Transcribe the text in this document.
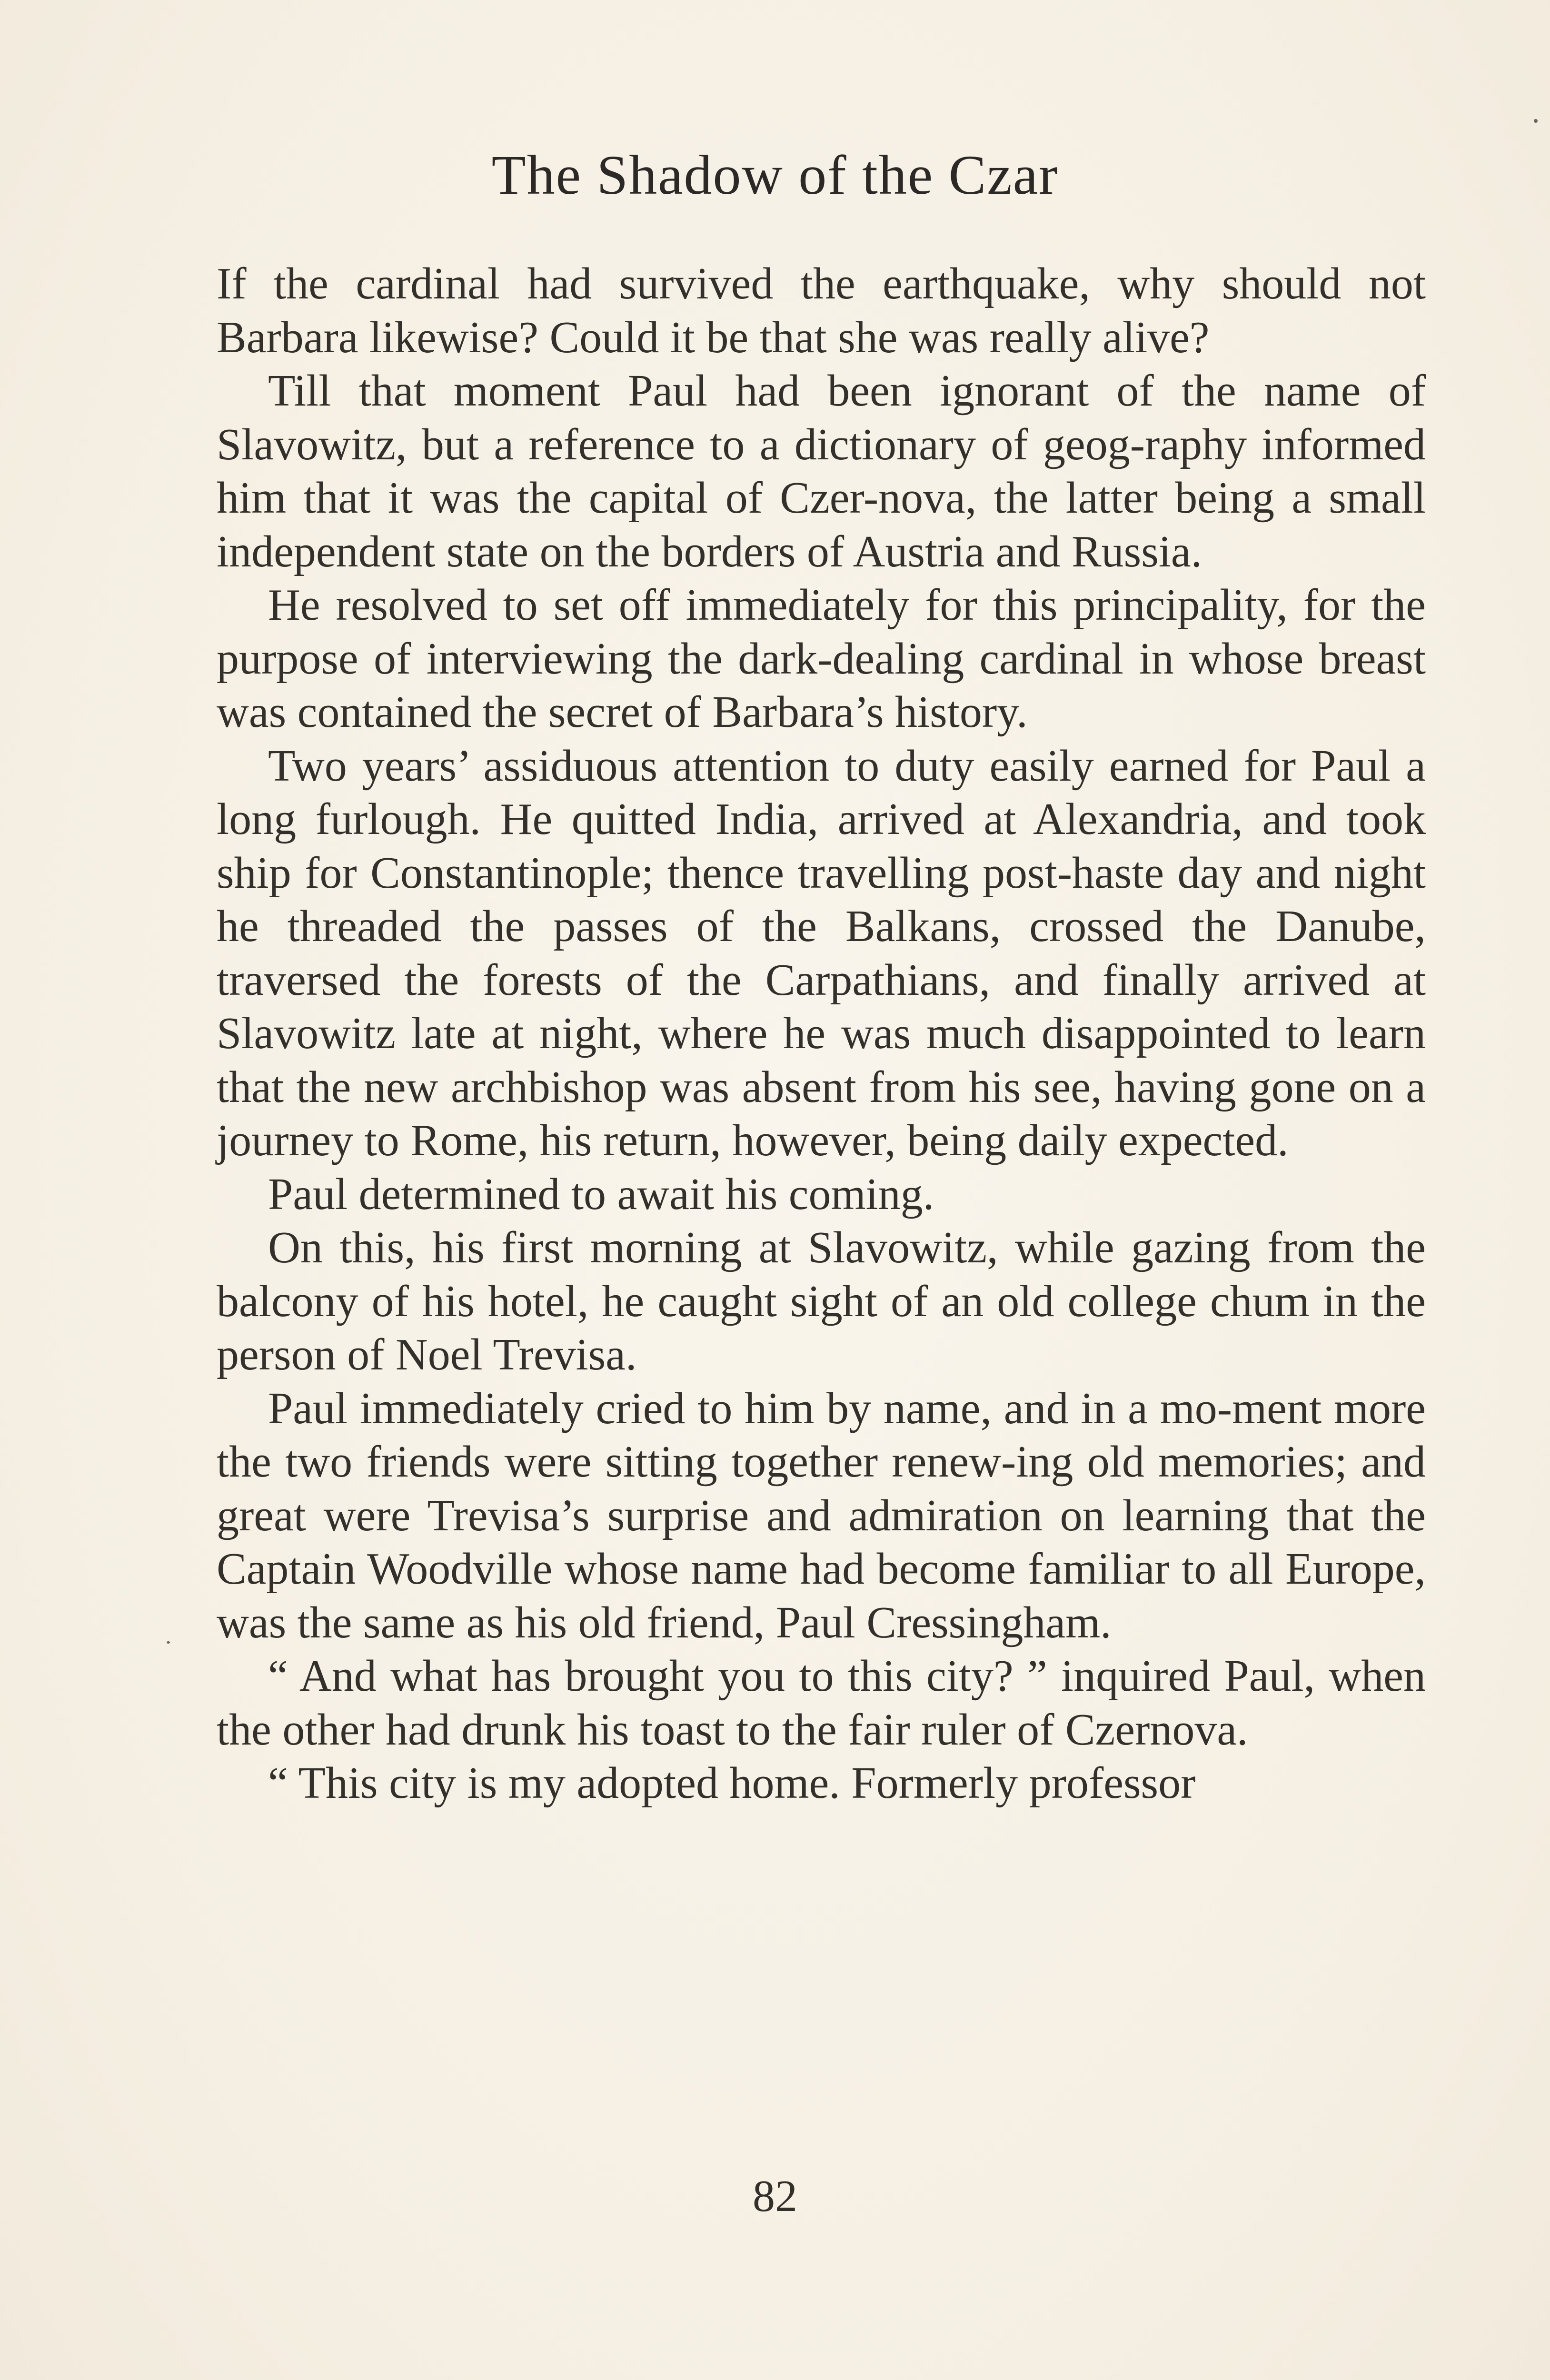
The Shadow of the Czar

If the cardinal had survived the earthquake, why should not Barbara likewise? Could it be that she was really alive?

Till that moment Paul had been ignorant of the name of Slavowitz, but a reference to a dictionary of geog-raphy informed him that it was the capital of Czer-nova, the latter being a small independent state on the borders of Austria and Russia.

He resolved to set off immediately for this principality, for the purpose of interviewing the dark-dealing cardinal in whose breast was contained the secret of Barbara’s history.

Two years’ assiduous attention to duty easily earned for Paul a long furlough. He quitted India, arrived at Alexandria, and took ship for Constantinople; thence travelling post-haste day and night he threaded the passes of the Balkans, crossed the Danube, traversed the forests of the Carpathians, and finally arrived at Slavowitz late at night, where he was much disappointed to learn that the new archbishop was absent from his see, having gone on a journey to Rome, his return, however, being daily expected.

Paul determined to await his coming.

On this, his first morning at Slavowitz, while gazing from the balcony of his hotel, he caught sight of an old college chum in the person of Noel Trevisa.

Paul immediately cried to him by name, and in a mo-ment more the two friends were sitting together renew-ing old memories; and great were Trevisa’s surprise and admiration on learning that the Captain Woodville whose name had become familiar to all Europe, was the same as his old friend, Paul Cressingham.

“ And what has brought you to this city? ” inquired Paul, when the other had drunk his toast to the fair ruler of Czernova.

“ This city is my adopted home. Formerly professor

82
